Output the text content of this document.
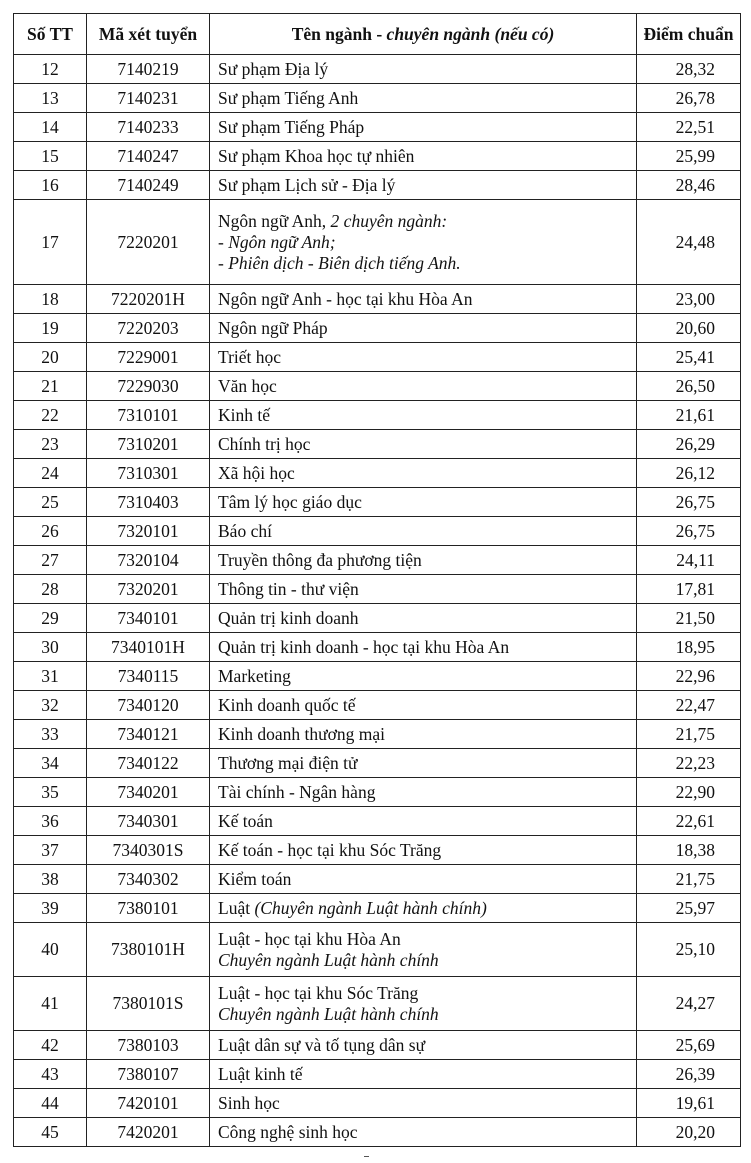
Số TT	Mã xét tuyển	Tên ngành - chuyên ngành (nếu có)	Điểm chuẩn
12	7140219	Sư phạm Địa lý	28,32
13	7140231	Sư phạm Tiếng Anh	26,78
14	7140233	Sư phạm Tiếng Pháp	22,51
15	7140247	Sư phạm Khoa học tự nhiên	25,99
16	7140249	Sư phạm Lịch sử - Địa lý	28,46
17	7220201	Ngôn ngữ Anh, 2 chuyên ngành:
- Ngôn ngữ Anh;
- Phiên dịch - Biên dịch tiếng Anh.	24,48
18	7220201H	Ngôn ngữ Anh - học tại khu Hòa An	23,00
19	7220203	Ngôn ngữ Pháp	20,60
20	7229001	Triết học	25,41
21	7229030	Văn học	26,50
22	7310101	Kinh tế	21,61
23	7310201	Chính trị học	26,29
24	7310301	Xã hội học	26,12
25	7310403	Tâm lý học giáo dục	26,75
26	7320101	Báo chí	26,75
27	7320104	Truyền thông đa phương tiện	24,11
28	7320201	Thông tin - thư viện	17,81
29	7340101	Quản trị kinh doanh	21,50
30	7340101H	Quản trị kinh doanh - học tại khu Hòa An	18,95
31	7340115	Marketing	22,96
32	7340120	Kinh doanh quốc tế	22,47
33	7340121	Kinh doanh thương mại	21,75
34	7340122	Thương mại điện tử	22,23
35	7340201	Tài chính - Ngân hàng	22,90
36	7340301	Kế toán	22,61
37	7340301S	Kế toán - học tại khu Sóc Trăng	18,38
38	7340302	Kiểm toán	21,75
39	7380101	Luật (Chuyên ngành Luật hành chính)	25,97
40	7380101H	Luật - học tại khu Hòa An
Chuyên ngành Luật hành chính	25,10
41	7380101S	Luật - học tại khu Sóc Trăng
Chuyên ngành Luật hành chính	24,27
42	7380103	Luật dân sự và tố tụng dân sự	25,69
43	7380107	Luật kinh tế	26,39
44	7420101	Sinh học	19,61
45	7420201	Công nghệ sinh học	20,20
